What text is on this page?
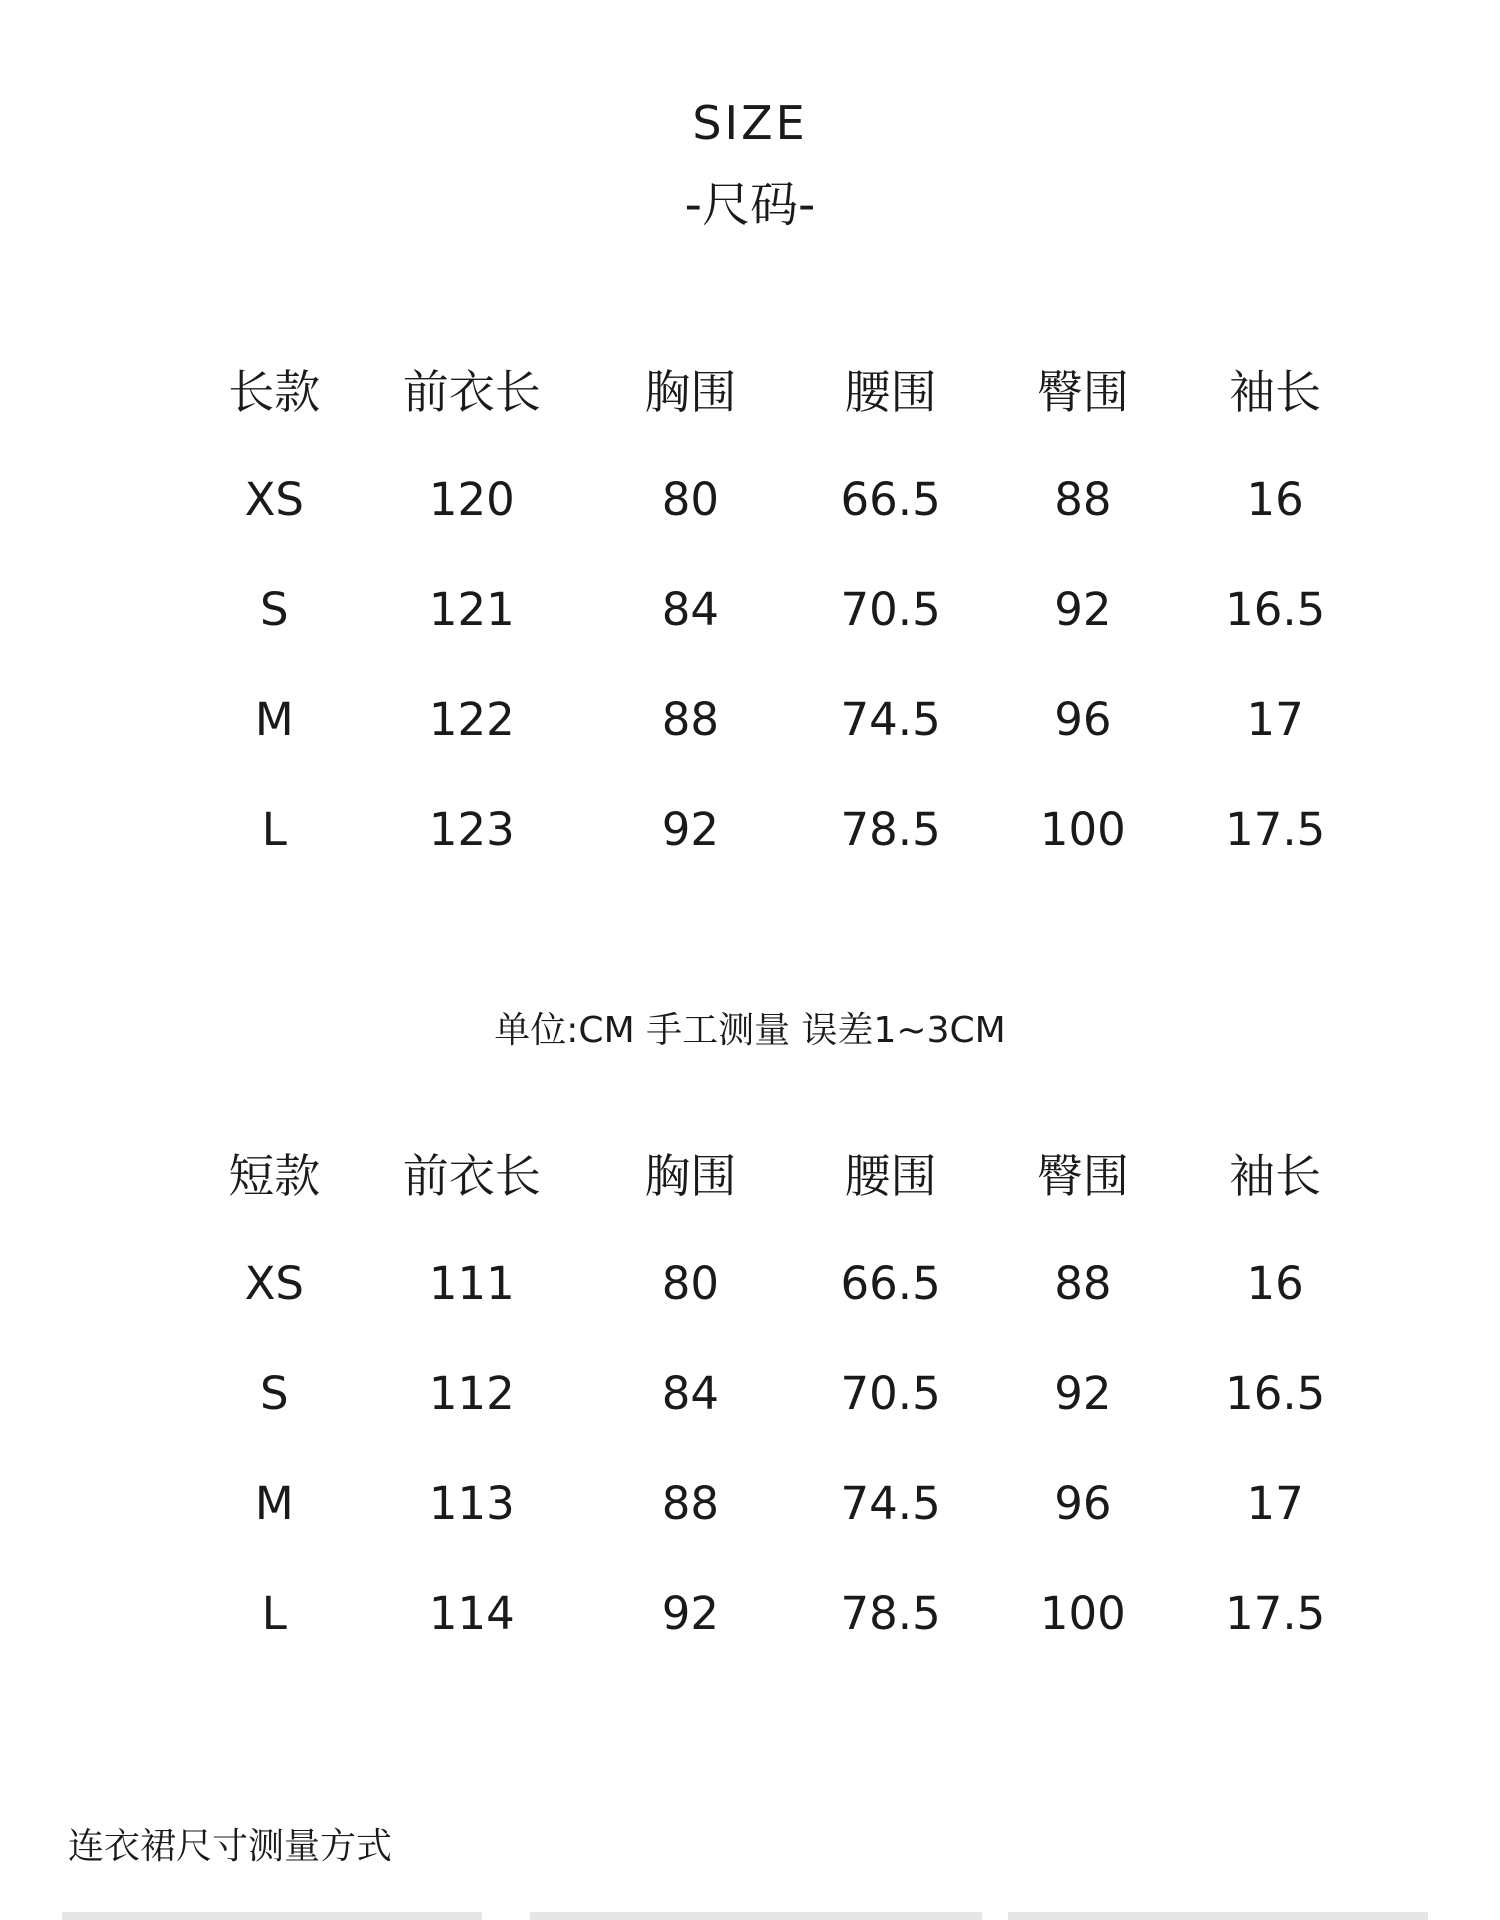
SIZE
-尺码-
长款	前衣长	胸围	腰围	臀围	袖长
XS	120	80	66.5	88	16
S	121	84	70.5	92	16.5
M	122	88	74.5	96	17
L	123	92	78.5	100	17.5
单位:CM 手工测量 误差1~3CM
短款	前衣长	胸围	腰围	臀围	袖长
XS	111	80	66.5	88	16
S	112	84	70.5	92	16.5
M	113	88	74.5	96	17
L	114	92	78.5	100	17.5
连衣裙尺寸测量方式
